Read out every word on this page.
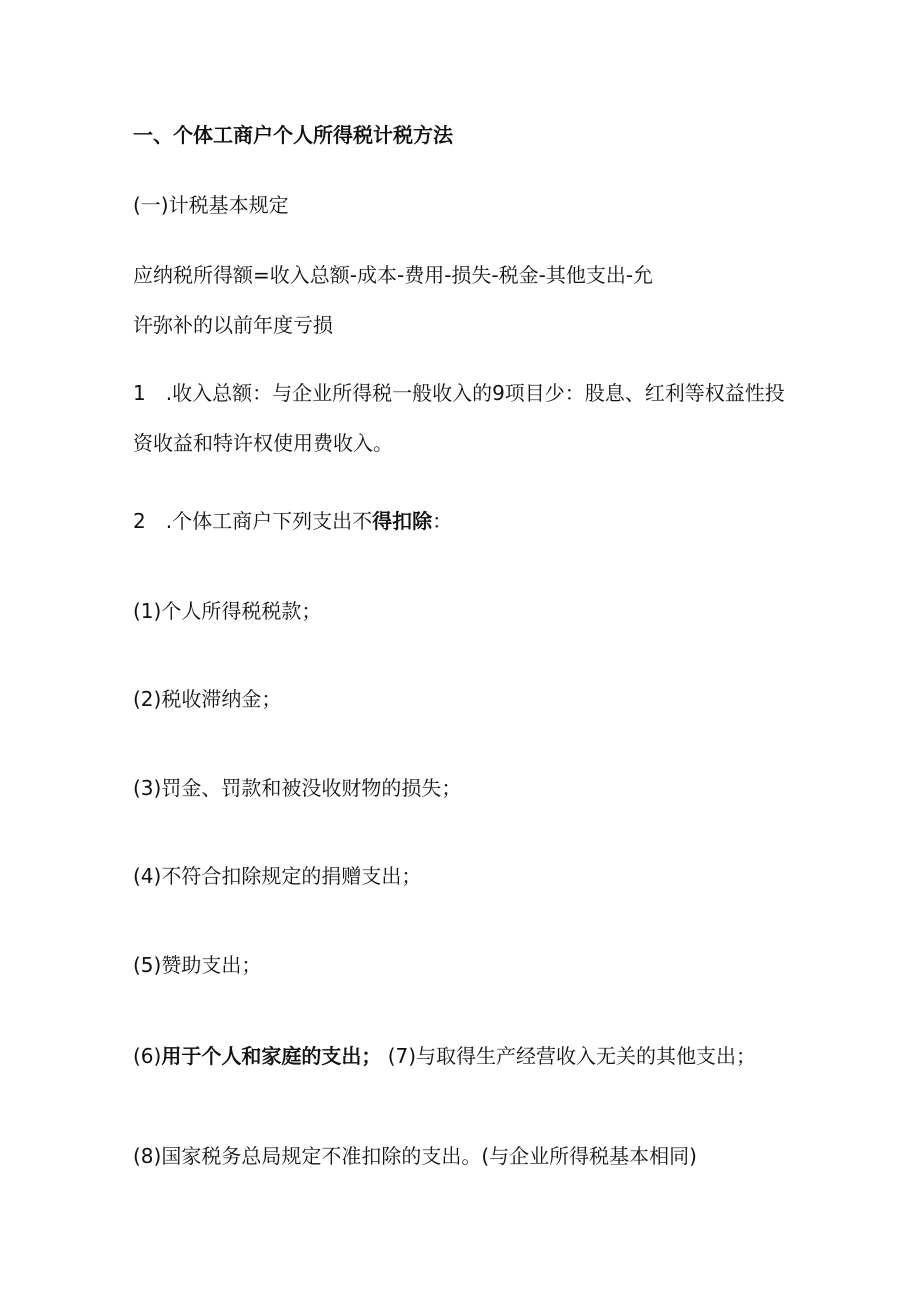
一、个体工商户个人所得税计税方法

(一)计税基本规定

应纳税所得额=收入总额-成本-费用-损失-税金-其他支出-允

许弥补的以前年度亏损

1　.收入总额：与企业所得税一般收入的9项目少：股息、红利等权益性投

资收益和特许权使用费收入。

2　.个体工商户下列支出不得扣除：

(1)个人所得税税款；

(2)税收滞纳金；

(3)罚金、罚款和被没收财物的损失；

(4)不符合扣除规定的捐赠支出；

(5)赞助支出；

(6)用于个人和家庭的支出； (7)与取得生产经营收入无关的其他支出；

(8)国家税务总局规定不准扣除的支出。(与企业所得税基本相同)
